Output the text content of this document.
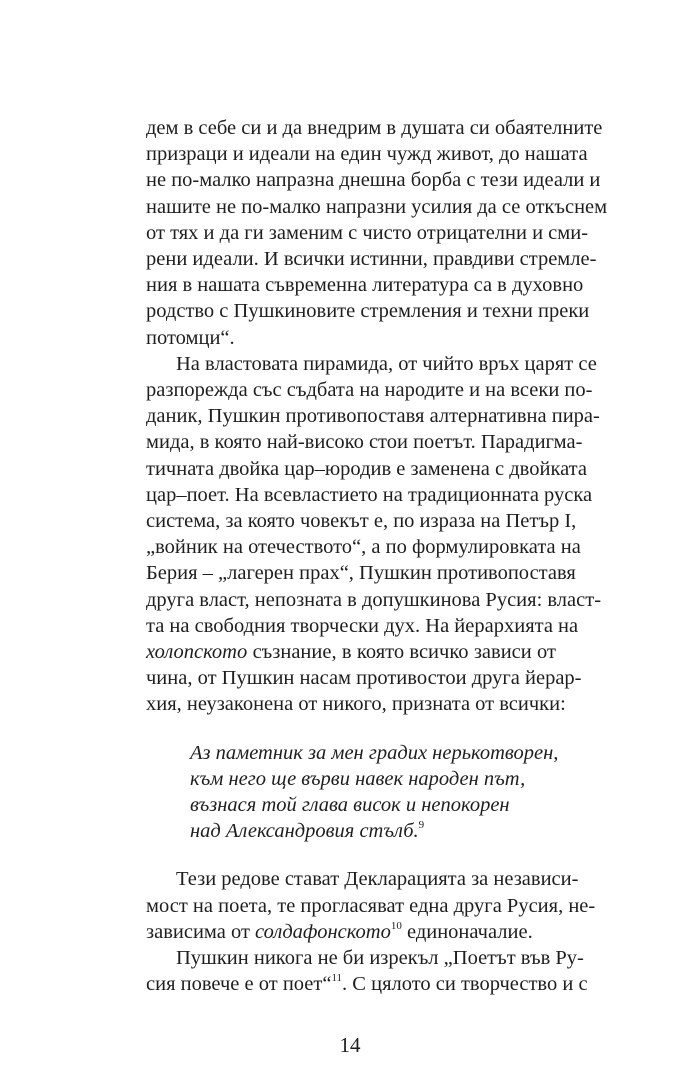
дем в себе си и да внедрим в душата си обаятелните
призраци и идеали на един чужд живот, до нашата
не по-малко напразна днешна борба с тези идеали и
нашите не по-малко напразни усилия да се откъснем
от тях и да ги заменим с чисто отрицателни и сми-
рени идеали. И всички истинни, правдиви стремле-
ния в нашата съвременна литература са в духовно
родство с Пушкиновите стремления и техни преки
потомци“.
На властовата пирамида, от чийто връх царят се
разпорежда със съдбата на народите и на всеки по-
даник, Пушкин противопоставя алтернативна пира-
мида, в която най-високо стои поетът. Парадигма-
тичната двойка цар–юродив е заменена с двойката
цар–поет. На всевластието на традиционната руска
система, за която човекът е, по израза на Петър I,
„войник на отечеството“, а по формулировката на
Берия – „лагерен прах“, Пушкин противопоставя
друга власт, непозната в допушкинова Русия: власт-
та на свободния творчески дух. На йерархията на
холопското съзнание, в която всичко зависи от
чина, от Пушкин насам противостои друга йерар-
хия, неузаконена от никого, призната от всички:
Аз паметник за мен градих нерькотворен,
към него ще върви навек народен път,
възнася той глава висок и непокорен
над Александровия стълб.$^9$
Тези редове стават Декларацията за независи-
мост на поета, те прогласяват една друга Русия, не-
зависима от солдафонското$^{10}$ единоначалие.
Пушкин никога не би изрекъл „Поетът във Ру-
сия повече е от поет“$^{11}$. С цялото си творчество и с
14
